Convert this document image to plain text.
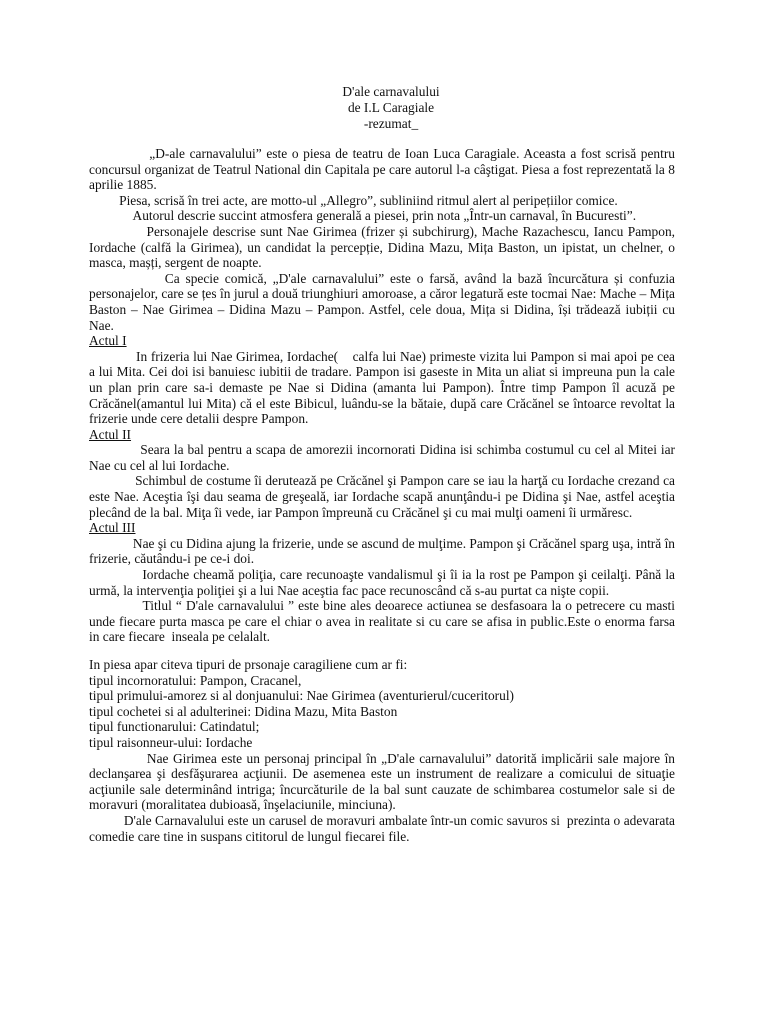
D'ale carnavalului
de I.L Caragiale
-rezumat_

„D-ale carnavalului” este o piesa de teatru de Ioan Luca Caragiale. Aceasta a fost scrisă pentru concursul organizat de Teatrul National din Capitala pe care autorul l-a câştigat. Piesa a fost reprezentată la 8 aprilie 1885.

Piesa, scrisă în trei acte, are motto-ul „Allegro”, subliniind ritmul alert al peripețiilor comice.

Autorul descrie succint atmosfera generală a piesei, prin nota „Într-un carnaval, în Bucuresti”.

Personajele descrise sunt Nae Girimea (frizer și subchirurg), Mache Razachescu, Iancu Pampon, Iordache (calfă la Girimea), un candidat la percepție, Didina Mazu, Mița Baston, un ipistat, un chelner, o masca, mașți, sergent de noapte.

Ca specie comică, „D'ale carnavalului” este o farsă, având la bază încurcătura și confuzia personajelor, care se țes în jurul a două triunghiuri amoroase, a căror legatură este tocmai Nae: Mache – Mița Baston – Nae Girimea – Didina Mazu – Pampon. Astfel, cele doua, Mița si Didina, își trădează iubiții cu Nae.

Actul I

In frizeria lui Nae Girimea, Iordache(    calfa lui Nae) primeste vizita lui Pampon si mai apoi pe cea a lui Mita. Cei doi isi banuiesc iubitii de tradare. Pampon isi gaseste in Mita un aliat si impreuna pun la cale un plan prin care sa-i demaste pe Nae si Didina (amanta lui Pampon). Între timp Pampon îl acuză pe Crăcănel(amantul lui Mita) că el este Bibicul, luându-se la bătaie, după care Crăcănel se întoarce revoltat la frizerie unde cere detalii despre Pampon.

Actul II

Seara la bal pentru a scapa de amorezii incornorati Didina isi schimba costumul cu cel al Mitei iar Nae cu cel al lui Iordache.

Schimbul de costume îi derutează pe Crăcănel şi Pampon care se iau la harţă cu Iordache crezand ca este Nae. Aceştia îşi dau seama de greşeală, iar Iordache scapă anunţându-i pe Didina şi Nae, astfel aceştia plecând de la bal. Miţa îi vede, iar Pampon împreună cu Crăcănel şi cu mai mulţi oameni îi urmăresc.

Actul III

Nae şi cu Didina ajung la frizerie, unde se ascund de mulţime. Pampon şi Crăcănel sparg uşa, intră în frizerie, căutându-i pe ce-i doi.

Iordache cheamă poliţia, care recunoaşte vandalismul şi îi ia la rost pe Pampon şi ceilalţi. Până la urmă, la intervenţia poliţiei şi a lui Nae aceştia fac pace recunoscând că s-au purtat ca nişte copii.

Titlul “ D'ale carnavalului ” este bine ales deoarece actiunea se desfasoara la o petrecere cu masti unde fiecare purta masca pe care el chiar o avea in realitate si cu care se afisa in public.Este o enorma farsa in care fiecare  inseala pe celalalt.

In piesa apar citeva tipuri de prsonaje caragiliene cum ar fi:
tipul incornoratului: Pampon, Cracanel,
tipul primului-amorez si al donjuanului: Nae Girimea (aventurierul/cuceritorul)
tipul cochetei si al adulterinei: Didina Mazu, Mita Baston
tipul functionarului: Catindatul;
tipul raisonneur-ului: Iordache

Nae Girimea este un personaj principal în „D'ale carnavalului” datorită implicării sale majore în declanşarea şi desfăşurarea acţiunii. De asemenea este un instrument de realizare a comicului de situaţie acţiunile sale determinând intriga; încurcăturile de la bal sunt cauzate de schimbarea costumelor sale si de moravuri (moralitatea dubioasă, înşelaciunile, minciuna).

D'ale Carnavalului este un carusel de moravuri ambalate într-un comic savuros si  prezinta o adevarata comedie care tine in suspans cititorul de lungul fiecarei file.
